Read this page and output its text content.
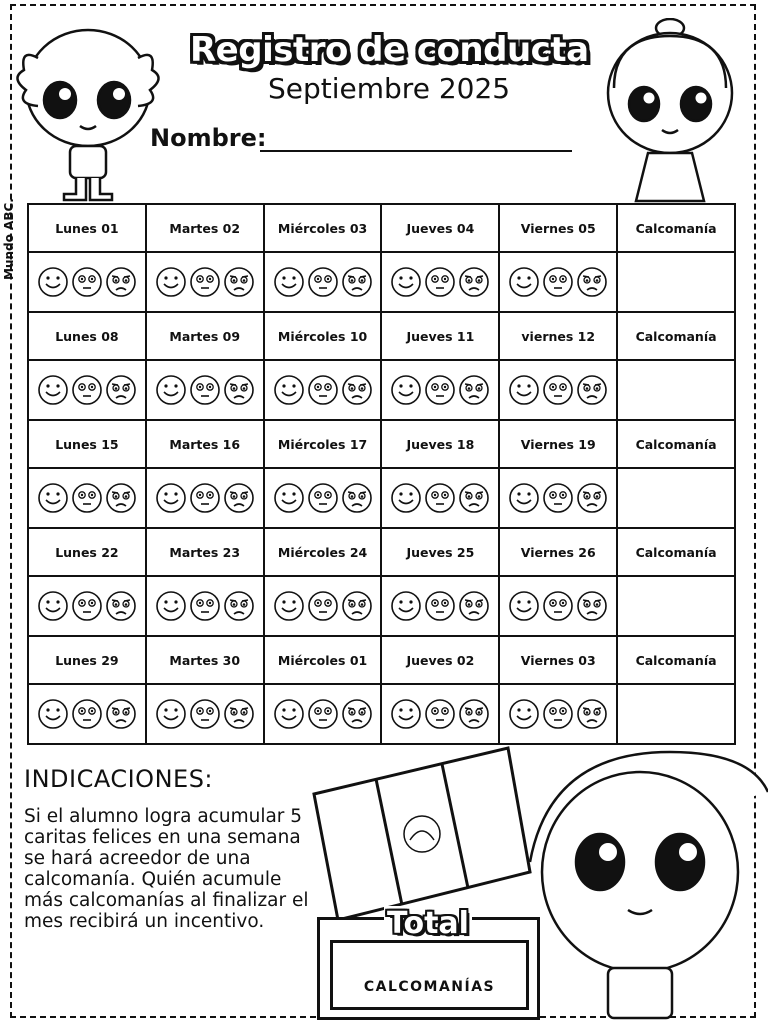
Registro de conducta
Septiembre 2025
Nombre:
Mundo ABC.	Lunes 01	Martes 02	Miércoles 03	Jueves 04	Viernes 05	Calcomanía

Lunes 08	Martes 09	Miércoles 10	Jueves 11	viernes 12	Calcomanía

Lunes 15	Martes 16	Miércoles 17	Jueves 18	Viernes 19	Calcomanía

Lunes 22	Martes 23	Miércoles 24	Jueves 25	Viernes 26	Calcomanía

Lunes 29	Martes 30	Miércoles 01	Jueves 02	Viernes 03	Calcomanía

INDICACIONES:
Si el alumno logra acumular 5 caritas felices en una semana se hará acreedor de una calcomanía. Quién acumule más calcomanías al finalizar el mes recibirá un incentivo.	Total
CALCOMANÍAS
